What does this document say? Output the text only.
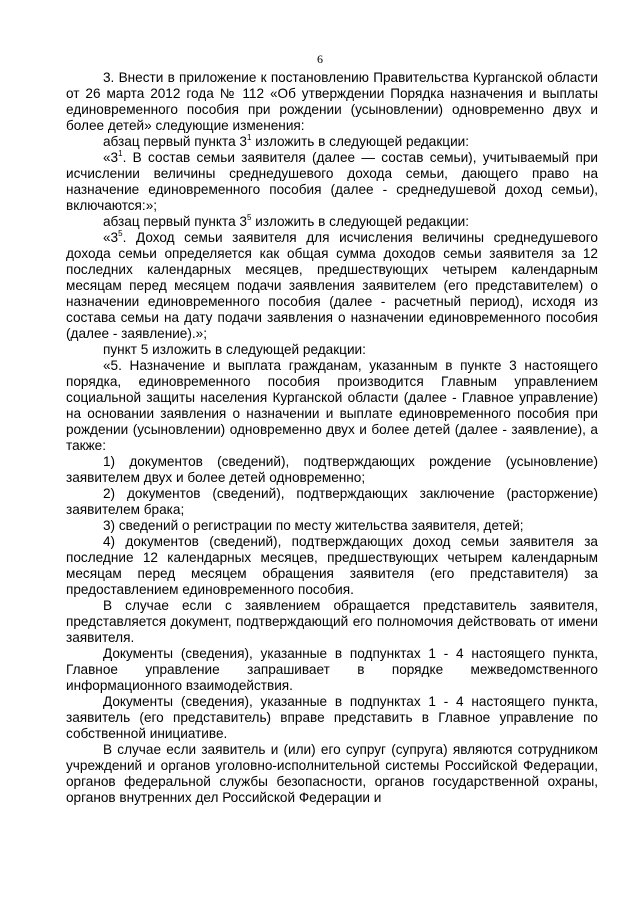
6

3. Внести в приложение к постановлению Правительства Курганской области от 26 марта 2012 года № 112 «Об утверждении Порядка назначения и выплаты единовременного пособия при рождении (усыновлении) одновременно двух и более детей» следующие изменения:

абзац первый пункта $3^1$ изложить в следующей редакции:

«$3^1$. В состав семьи заявителя (далее — состав семьи), учитываемый при исчислении величины среднедушевого дохода семьи, дающего право на назначение единовременного пособия (далее - среднедушевой доход семьи), включаются:»;

абзац первый пункта $3^5$ изложить в следующей редакции:

«$3^5$. Доход семьи заявителя для исчисления величины среднедушевого дохода семьи определяется как общая сумма доходов семьи заявителя за 12 последних календарных месяцев, предшествующих четырем календарным месяцам перед месяцем подачи заявления заявителем (его представителем) о назначении единовременного пособия (далее - расчетный период), исходя из состава семьи на дату подачи заявления о назначении единовременного пособия (далее - заявление).»;

пункт 5 изложить в следующей редакции:

«5. Назначение и выплата гражданам, указанным в пункте 3 настоящего порядка, единовременного пособия производится Главным управлением социальной защиты населения Курганской области (далее - Главное управление) на основании заявления о назначении и выплате единовременного пособия при рождении (усыновлении) одновременно двух и более детей (далее - заявление), а также:

1) документов (сведений), подтверждающих рождение (усыновление) заявителем двух и более детей одновременно;

2) документов (сведений), подтверждающих заключение (расторжение) заявителем брака;

3) сведений о регистрации по месту жительства заявителя, детей;

4) документов (сведений), подтверждающих доход семьи заявителя за последние 12 календарных месяцев, предшествующих четырем календарным месяцам перед месяцем обращения заявителя (его представителя) за предоставлением единовременного пособия.

В случае если с заявлением обращается представитель заявителя, представляется документ, подтверждающий его полномочия действовать от имени заявителя.

Документы (сведения), указанные в подпунктах 1 - 4 настоящего пункта, Главное управление запрашивает в порядке межведомственного информационного взаимодействия.

Документы (сведения), указанные в подпунктах 1 - 4 настоящего пункта, заявитель (его представитель) вправе представить в Главное управление по собственной инициативе.

В случае если заявитель и (или) его супруг (супруга) являются сотрудником учреждений и органов уголовно-исполнительной системы Российской Федерации, органов федеральной службы безопасности, органов государственной охраны, органов внутренних дел Российской Федерации и
